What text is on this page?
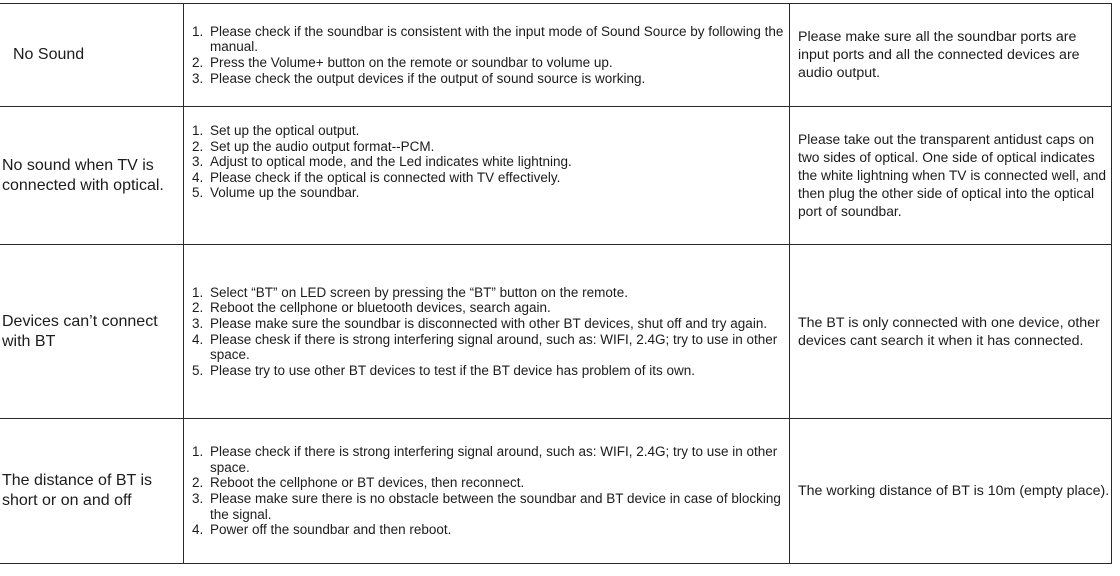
No Sound
1. Please check if the soundbar is consistent with the input mode of Sound Source by following the manual.
2. Press the Volume+ button on the remote or soundbar to volume up.
3. Please check the output devices if the output of sound source is working.
Please make sure all the soundbar ports are input ports and all the connected devices are audio output.
No sound when TV is connected with optical.
1. Set up the optical output.
2. Set up the audio output format--PCM.
3. Adjust to optical mode, and the Led indicates white lightning.
4. Please check if the optical is connected with TV effectively.
5. Volume up the soundbar.
Please take out the transparent antidust caps on two sides of optical. One side of optical indicates the white lightning when TV is connected well, and then plug the other side of optical into the optical port of soundbar.
Devices can’t connect with BT
1. Select “BT” on LED screen by pressing the “BT” button on the remote.
2. Reboot the cellphone or bluetooth devices, search again.
3. Please make sure the soundbar is disconnected with other BT devices, shut off and try again.
4. Please chesk if there is strong interfering signal around, such as: WIFI, 2.4G; try to use in other space.
5. Please try to use other BT devices to test if the BT device has problem of its own.
The BT is only connected with one device, other devices cant search it when it has connected.
The distance of BT is short or on and off
1. Please check if there is strong interfering signal around, such as: WIFI, 2.4G; try to use in other space.
2. Reboot the cellphone or BT devices, then reconnect.
3. Please make sure there is no obstacle between the soundbar and BT device in case of blocking the signal.
4. Power off the soundbar and then reboot.
The working distance of BT is 10m (empty place).
